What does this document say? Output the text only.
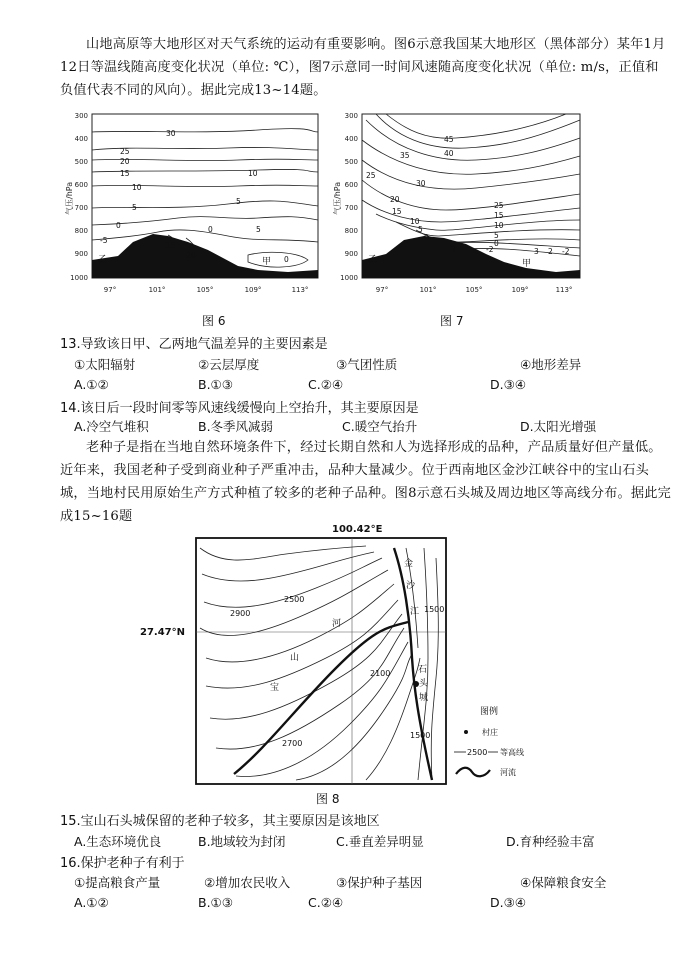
山地高原等大地形区对天气系统的运动有重要影响。图6示意我国某大地形区（黑体部分）某年1月12日等温线随高度变化状况（单位: ℃），图7示意同一时间风速随高度变化状况（单位: m/s，正值和负值代表不同的风向）。据此完成13~14题。
300
400
500
600
700
800
900
1000
97°	101°	105°	109°	113°
气压/hPa
30
25
20
15
10
5
0
-5
10
15
20
5
0	5
0
乙	甲
图 6
300
400
500
600
700
800
900
1000
97°	101°	105°	109°	113°
气压/hPa
45
40
35
30
25
20
15
10
5
0
25
15
10
5
0
-3	-2	3 2 -2
乙	甲
图 7
13.导致该日甲、乙两地气温差异的主要因素是
①太阳辐射	②云层厚度	③气团性质	④地形差异
A.①②	B.①③	C.②④	D.③④
14.该日后一段时间零等风速线缓慢向上空抬升，其主要原因是
A.冷空气堆积	B.冬季风减弱	C.暖空气抬升	D.太阳光增强
老种子是指在当地自然环境条件下，经过长期自然和人为选择形成的品种，产品质量好但产量低。近年来，我国老种子受到商业种子严重冲击，品种大量减少。位于西南地区金沙江峡谷中的宝山石头城，当地村民用原始生产方式种植了较多的老种子品种。图8示意石头城及周边地区等高线分布。据此完成15~16题
100.42°E
27.47°N
2500
2900	1500
2100
2700
1500
金
沙
江
河
山
宝
石
头
城
图例
村庄
2500 等高线
河流
图 8
15.宝山石头城保留的老种子较多，其主要原因是该地区
A.生态环境优良	B.地域较为封闭	C.垂直差异明显	D.育种经验丰富
16.保护老种子有利于
①提高粮食产量	②增加农民收入	③保护种子基因	④保障粮食安全
A.①②	B.①③	C.②④	D.③④
